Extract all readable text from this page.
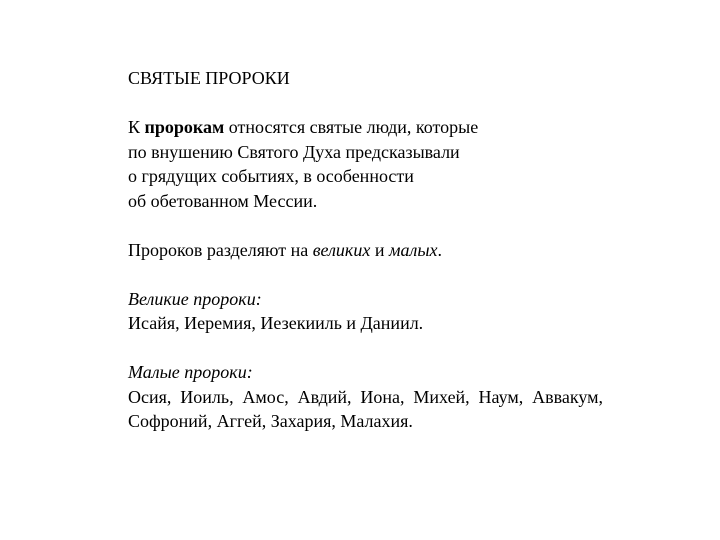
СВЯТЫЕ ПРОРОКИ

К пророкам относятся святые люди, которые

по внушению Святого Духа предсказывали

о грядущих событиях, в особенности

об обетованном Мессии.

Пророков разделяют на великих и малых.

Великие пророки:

Исайя, Иеремия, Иезекииль и Даниил.

Малые пророки:

Осия, Иоиль, Амос, Авдий, Иона, Михей, Наум, Аввакум, Софроний, Аггей, Захария, Малахия.
